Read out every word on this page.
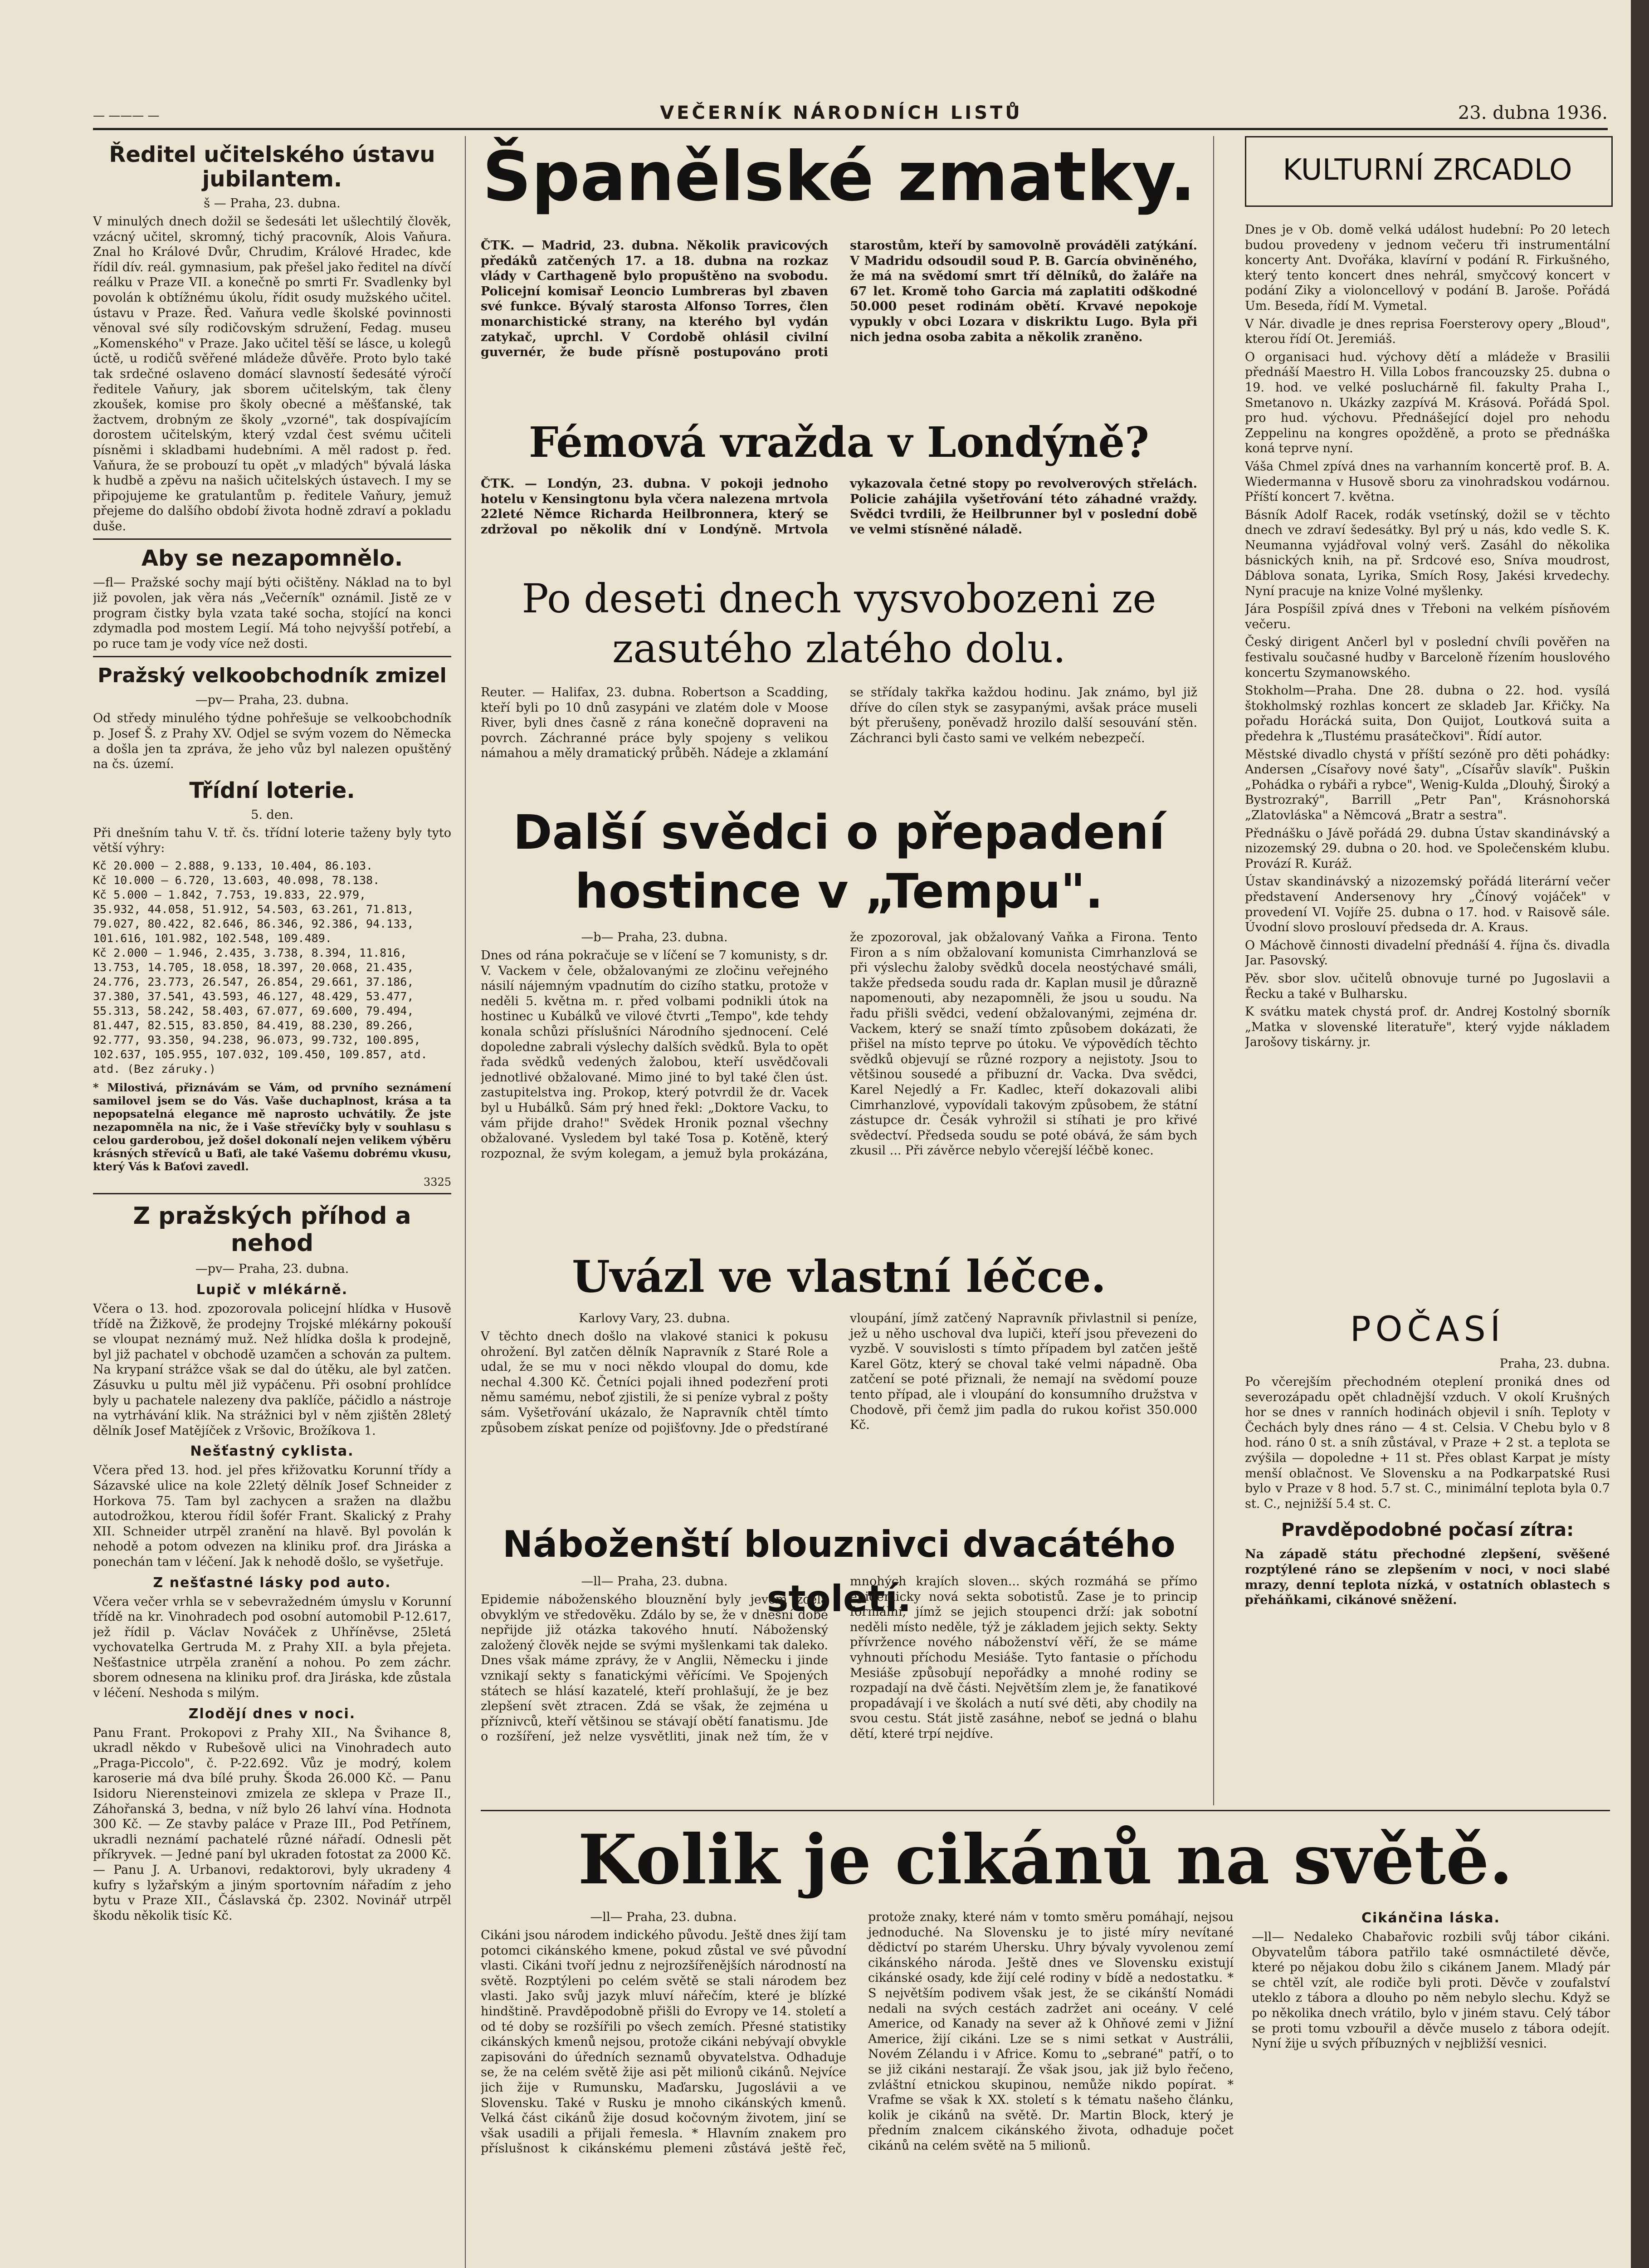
— ——— —	VEČERNÍK NÁRODNÍCH LISTŮ	23. dubna 1936.
Ředitel učitelského ústavu jubilantem.
š — Praha, 23. dubna.

V minulých dnech dožil se šedesáti let ušlechtilý člověk, vzácný učitel, skromný, tichý pracovník, Alois Vaňura. Znal ho Králové Dvůr, Chrudim, Králové Hradec, kde řídil dív. reál. gymnasium, pak přešel jako ředitel na dívčí reálku v Praze VII. a konečně po smrti Fr. Svadlenky byl povolán k obtížnému úkolu, řídit osudy mužského učitel. ústavu v Praze. Řed. Vaňura vedle školské povinnosti věnoval své síly rodičovským sdružení, Fedag. museu „Komenského" v Praze. Jako učitel těší se lásce, u kolegů úctě, u rodičů svěřené mládeže důvěře. Proto bylo také tak srdečné oslaveno domácí slavností šedesáté výročí ředitele Vaňury, jak sborem učitelským, tak členy zkoušek, komise pro školy obecné a měšťanské, tak žactvem, drobným ze školy „vzorné", tak dospívajícím dorostem učitelským, který vzdal čest svému učiteli písněmi i skladbami hudebními. A měl radost p. řed. Vaňura, že se probouzí tu opět „v mladých" bývalá láska k hudbě a zpěvu na našich učitelských ústavech. I my se připojujeme ke gratulantům p. ředitele Vaňury, jemuž přejeme do dalšího období života hodně zdraví a pokladu duše.

Aby se nezapomnělo.

—fl— Pražské sochy mají býti očištěny. Náklad na to byl již povolen, jak věra nás „Večerník" oznámil. Jistě ze v program čistky byla vzata také socha, stojící na konci zdymadla pod mostem Legií. Má toho nejvyšší potřebí, a po ruce tam je vody více než dosti.

Pražský velkoobchodník zmizel
—pv— Praha, 23. dubna.

Od středy minulého týdne pohřešuje se velkoobchodník p. Josef Š. z Prahy XV. Odjel se svým vozem do Německa a došla jen ta zpráva, že jeho vůz byl nalezen opuštěný na čs. území.

Třídní loterie.
5. den.

Při dnešním tahu V. tř. čs. třídní loterie taženy byly tyto větší výhry:

Kč 20.000 — 2.888, 9.133, 10.404, 86.103.
Kč 10.000 — 6.720, 13.603, 40.098, 78.138.
Kč 5.000 — 1.842, 7.753, 19.833, 22.979,
35.932, 44.058, 51.912, 54.503, 63.261, 71.813,
79.027, 80.422, 82.646, 86.346, 92.386, 94.133,
101.616, 101.982, 102.548, 109.489.
Kč 2.000 — 1.946, 2.435, 3.738, 8.394, 11.816,
13.753, 14.705, 18.058, 18.397, 20.068, 21.435,
24.776, 23.773, 26.547, 26.854, 29.661, 37.186,
37.380, 37.541, 43.593, 46.127, 48.429, 53.477,
55.313, 58.242, 58.403, 67.077, 69.600, 79.494,
81.447, 82.515, 83.850, 84.419, 88.230, 89.266,
92.777, 93.350, 94.238, 96.073, 99.732, 100.895,
102.637, 105.955, 107.032, 109.450, 109.857, atd.
atd. (Bez záruky.)

* Milostivá, přiznávám se Vám, od prvního seznámení samilovel jsem se do Vás. Vaše duchaplnost, krása a ta nepopsatelná elegance mě naprosto uchvátily. Že jste nezapomněla na nic, že i Vaše střevíčky byly v souhlasu s celou garderobou, jež došel dokonalí nejen velikem výběru krásných střevíců u Baťi, ale také Vašemu dobrému vkusu, který Vás k Baťovi zavedl.

3325
Z pražských příhod a nehod
—pv— Praha, 23. dubna.
Lupič v mlékárně.

Včera o 13. hod. zpozorovala policejní hlídka v Husově třídě na Žižkově, že prodejny Trojské mlékárny pokouší se vloupat neznámý muž. Než hlídka došla k prodejně, byl již pachatel v obchodě uzamčen a schován za pultem. Na krypaní strážce však se dal do útěku, ale byl zatčen. Zásuvku u pultu měl již vypáčenu. Při osobní prohlídce byly u pachatele nalezeny dva paklíče, páčidlo a nástroje na vytrhávání klik. Na strážnici byl v něm zjištěn 28letý dělník Josef Matějíček z Vršovic, Brožíkova 1.

Nešťastný cyklista.

Včera před 13. hod. jel přes křižovatku Korunní třídy a Sázavské ulice na kole 22letý dělník Josef Schneider z Horkova 75. Tam byl zachycen a sražen na dlažbu autodrožkou, kterou řídil šofér Frant. Skalický z Prahy XII. Schneider utrpěl zranění na hlavě. Byl povolán k nehodě a potom odvezen na kliniku prof. dra Jiráska a ponechán tam v léčení. Jak k nehodě došlo, se vyšetřuje.

Z nešťastné lásky pod auto.

Včera večer vrhla se v sebevražedném úmyslu v Korunní třídě na kr. Vinohradech pod osobní automobil P-12.617, jež řídil p. Václav Nováček z Uhříněvse, 25letá vychovatelka Gertruda M. z Prahy XII. a byla přejeta. Nešťastnice utrpěla zranění a nohou. Po zem záchr. sborem odnesena na kliniku prof. dra Jiráska, kde zůstala v léčení. Neshoda s milým.

Zlodějí dnes v noci.

Panu Frant. Prokopovi z Prahy XII., Na Švihance 8, ukradl někdo v Rubešově ulici na Vinohradech auto „Praga-Piccolo", č. P-22.692. Vůz je modrý, kolem karoserie má dva bílé pruhy. Škoda 26.000 Kč. — Panu Isidoru Nierensteinovi zmizela ze sklepa v Praze II., Záhořanská 3, bedna, v níž bylo 26 lahví vína. Hodnota 300 Kč. — Ze stavby paláce v Praze III., Pod Petřínem, ukradli neznámí pachatelé různé nářadí. Odnesli pět příkryvek. — Jedné paní byl ukraden fotostat za 2000 Kč. — Panu J. A. Urbanovi, redaktorovi, byly ukradeny 4 kufry s lyžařským a jiným sportovním nářadím z jeho bytu v Praze XII., Čáslavská čp. 2302. Novinář utrpěl škodu několik tisíc Kč.

Španělské zmatky.

ČTK. — Madrid, 23. dubna. Několik pravicových předáků zatčených 17. a 18. dubna na rozkaz vlády v Carthageně bylo propuštěno na svobodu. Policejní komisař Leoncio Lumbreras byl zbaven své funkce. Bývalý starosta Alfonso Torres, člen monarchistické strany, na kterého byl vydán zatykač, uprchl. V Cordobě ohlásil civilní guvernér, že bude přísně postupováno proti starostům, kteří by samovolně prováděli zatýkání. V Madridu odsoudil soud P. B. García obviněného, že má na svědomí smrt tří dělníků, do žaláře na 67 let. Kromě toho Garcia má zaplatiti odškodné 50.000 peset rodinám obětí. Krvavé nepokoje vypukly v obci Lozara v diskriktu Lugo. Byla při nich jedna osoba zabita a několik zraněno.

Fémová vražda v Londýně?

ČTK. — Londýn, 23. dubna. V pokoji jednoho hotelu v Kensingtonu byla včera nalezena mrtvola 22leté Němce Richarda Heilbronnera, který se zdržoval po několik dní v Londýně. Mrtvola vykazovala četné stopy po revolverových střelách. Policie zahájila vyšetřování této záhadné vraždy. Svědci tvrdili, že Heilbrunner byl v poslední době ve velmi stísněné náladě.

Po deseti dnech vysvobozeni ze zasutého zlatého dolu.

Reuter. — Halifax, 23. dubna. Robertson a Scadding, kteří byli po 10 dnů zasypáni ve zlatém dole v Moose River, byli dnes časně z rána konečně dopraveni na povrch. Záchranné práce byly spojeny s velikou námahou a měly dramatický průběh. Nádeje a zklamání se střídaly takřka každou hodinu. Jak známo, byl již dříve do cílen styk se zasypanými, avšak práce museli být přerušeny, poněvadž hrozilo další sesouvání stěn. Záchranci byli často sami ve velkém nebezpečí.

Další svědci o přepadení hostince v „Tempu".
—b— Praha, 23. dubna.

Dnes od rána pokračuje se v líčení se 7 komunisty, s dr. V. Vackem v čele, obžalovanými ze zločinu veřejného násilí nájemným vpadnutím do cizího statku, protože v neděli 5. května m. r. před volbami podnikli útok na hostinec u Kubálků ve vilové čtvrti „Tempo", kde tehdy konala schůzi příslušníci Národního sjednocení. Celé dopoledne zabrali výslechy dalších svědků. Byla to opět řada svědků vedených žalobou, kteří usvědčovali jednotlivé obžalované. Mimo jiné to byl také člen úst. zastupitelstva ing. Prokop, který potvrdil že dr. Vacek byl u Hubálků. Sám prý hned řekl: „Doktore Vacku, to vám přijde draho!" Svědek Hronik poznal všechny obžalované. Vysledem byl také Tosa p. Kotěně, který rozpoznal, že svým kolegam, a jemuž byla prokázána, že zpozoroval, jak obžalovaný Vaňka a Firona. Tento Firon a s ním obžalovaní komunista Cimrhanzlová se při výslechu žaloby svědků docela neostýchavé smáli, takže předseda soudu rada dr. Kaplan musil je důrazně napomenouti, aby nezapomněli, že jsou u soudu. Na řadu přišli svědci, vedení obžalovanými, zejména dr. Vackem, který se snaží tímto způsobem dokázati, že přišel na místo teprve po útoku. Ve výpovědích těchto svědků objevují se různé rozpory a nejistoty. Jsou to většinou sousedé a přibuzní dr. Vacka. Dva svědci, Karel Nejedlý a Fr. Kadlec, kteří dokazovali alibi Cimrhanzlové, vypovídali takovým způsobem, že státní zástupce dr. Česák vyhrožil si stíhati je pro křivé svědectví. Předseda soudu se poté obává, že sám bych zkusil ... Při závěrce nebylo včerejší léčbě konec.

Uvázl ve vlastní léčce.
Karlovy Vary, 23. dubna.

V těchto dnech došlo na vlakové stanici k pokusu ohrožení. Byl zatčen dělník Napravník z Staré Role a udal, že se mu v noci někdo vloupal do domu, kde nechal 4.300 Kč. Četníci pojali ihned podezření proti němu samému, neboť zjistili, že si peníze vybral z pošty sám. Vyšetřování ukázalo, že Napravník chtěl tímto způsobem získat peníze od pojišťovny. Jde o předstírané vloupání, jímž zatčený Napravník přivlastnil si peníze, jež u něho uschoval dva lupiči, kteří jsou převezeni do vyzbě. V souvislosti s tímto případem byl zatčen ještě Karel Götz, který se choval také velmi nápadně. Oba zatčení se poté přiznali, že nemají na svědomí pouze tento případ, ale i vloupání do konsumního družstva v Chodově, při čemž jim padla do rukou kořist 350.000 Kč.

Náboženští blouznivci dvacátého století.
—ll— Praha, 23. dubna.

Epidemie náboženského blouznění byly jevem zcela obvyklým ve středověku. Zdálo by se, že v dnešní době nepřijde již otázka takového hnutí. Náboženský založený člověk nejde se svými myšlenkami tak daleko. Dnes však máme zprávy, že v Anglii, Německu i jinde vznikají sekty s fanatickými věřícími. Ve Spojených státech se hlásí kazatelé, kteří prohlašují, že je bez zlepšení svět ztracen. Zdá se však, že zejména u příznivců, kteří většinou se stávají obětí fanatismu. Jde o rozšíření, jež nelze vysvětliti, jinak než tím, že v mnohých krajích sloven... ských rozmáhá se přímo epidemicky nová sekta sobotistů. Zase je to princip formální, jímž se jejich stoupenci drží: jak sobotní neděli místo neděle, týž je základem jejich sekty. Sekty přívržence nového náboženství věří, že se máme vyhnouti příchodu Mesiáše. Tyto fantasie o příchodu Mesiáše způsobují nepořádky a mnohé rodiny se rozpadají na dvě části. Největším zlem je, že fanatikové propadávají i ve školách a nutí své děti, aby chodily na svou cestu. Stát jistě zasáhne, neboť se jedná o blahu dětí, které trpí nejdíve.

Kolik je cikánů na světě.
—ll— Praha, 23. dubna.

Cikáni jsou národem indického původu. Ještě dnes žijí tam potomci cikánského kmene, pokud zůstal ve své původní vlasti. Cikáni tvoří jednu z nejrozšířenějších národností na světě. Rozptýleni po celém světě se stali národem bez vlasti. Jako svůj jazyk mluví nářečím, které je blízké hindštině. Pravděpodobně přišli do Evropy ve 14. století a od té doby se rozšířili po všech zemích. Přesné statistiky cikánských kmenů nejsou, protože cikáni nebývají obvykle zapisováni do úředních seznamů obyvatelstva. Odhaduje se, že na celém světě žije asi pět milionů cikánů. Nejvíce jich žije v Rumunsku, Maďarsku, Jugoslávii a ve Slovensku. Také v Rusku je mnoho cikánských kmenů. Velká část cikánů žije dosud kočovným životem, jiní se však usadili a přijali řemesla. * Hlavním znakem pro příslušnost k cikánskému plemeni zůstává ještě řeč, protože znaky, které nám v tomto směru pomáhají, nejsou jednoduché. Na Slovensku je to jisté míry nevítané dědictví po starém Uhersku. Uhry bývaly vyvolenou zemí cikánského národa. Ještě dnes ve Slovensku existují cikánské osady, kde žijí celé rodiny v bídě a nedostatku. * S největším podivem však jest, že se cikánští Nomádi nedali na svých cestách zadržet ani oceány. V celé Americe, od Kanady na sever až k Ohňové zemi v Jižní Americe, žijí cikáni. Lze se s nimi setkat v Austrálii, Novém Zélandu i v Africe. Komu to „sebrané" patří, o to se již cikáni nestarají. Že však jsou, jak již bylo řečeno, zvláštní etnickou skupinou, nemůže nikdo popírat. * Vrafme se však k XX. století s k tématu našeho článku, kolik je cikánů na světě. Dr. Martin Block, který je předním znalcem cikánského života, odhaduje počet cikánů na celém světě na 5 milionů.

Cikánčina láska.

—ll— Nedaleko Chabařovic rozbili svůj tábor cikáni. Obyvatelům tábora patřilo také osmnáctileté děvče, které po nějakou dobu žilo s cikánem Janem. Mladý pár se chtěl vzít, ale rodiče byli proti. Děvče v zoufalství uteklo z tábora a dlouho po něm nebylo slechu. Když se po několika dnech vrátilo, bylo v jiném stavu. Celý tábor se proti tomu vzbouřil a děvče muselo z tábora odejít. Nyní žije u svých příbuzných v nejbližší vesnici.

KULTURNÍ ZRCADLO

Dnes je v Ob. domě velká událost hudební: Po 20 letech budou provedeny v jednom večeru tři instrumentální koncerty Ant. Dvořáka, klavírní v podání R. Firkušného, který tento koncert dnes nehrál, smyčcový koncert v podání Ziky a violoncellový v podání B. Jaroše. Pořádá Um. Beseda, řídí M. Vymetal.

V Nár. divadle je dnes reprisa Foersterovy opery „Bloud", kterou řídí Ot. Jeremiáš.

O organisaci hud. výchovy dětí a mládeže v Brasilii přednáší Maestro H. Villa Lobos francouzsky 25. dubna o 19. hod. ve velké posluchárně fil. fakulty Praha I., Smetanovo n. Ukázky zazpívá M. Krásová. Pořádá Spol. pro hud. výchovu. Přednášející dojel pro nehodu Zeppelinu na kongres opožděně, a proto se přednáška koná teprve nyní.

Váša Chmel zpívá dnes na varhanním koncertě prof. B. A. Wiedermanna v Husově sboru za vinohradskou vodárnou. Příští koncert 7. května.

Básník Adolf Racek, rodák vsetínský, dožil se v těchto dnech ve zdraví šedesátky. Byl prý u nás, kdo vedle S. K. Neumanna vyjádřoval volný verš. Zasáhl do několika básnických knih, na př. Srdcové eso, Sníva moudrost, Dáblova sonata, Lyrika, Smích Rosy, Jakési krvedechy. Nyní pracuje na knize Volné myšlenky.

Jára Pospíšil zpívá dnes v Třeboni na velkém písňovém večeru.

Český dirigent Ančerl byl v poslední chvíli pověřen na festivalu současné hudby v Barceloně řízením houslového koncertu Szymanowského.

Stokholm—Praha. Dne 28. dubna o 22. hod. vysílá štokholmský rozhlas koncert ze skladeb Jar. Křičky. Na pořadu Horácká suita, Don Quijot, Loutková suita a předehra k „Tlustému prasátečkovi". Řídí autor.

Městské divadlo chystá v příští sezóně pro děti pohádky: Andersen „Císařovy nové šaty", „Císařův slavík". Puškin „Pohádka o rybáři a rybce", Wenig-Kulda „Dlouhý, Široký a Bystrozraký", Barrill „Petr Pan", Krásnohorská „Zlatovláska" a Němcová „Bratr a sestra".

Přednášku o Jávě pořádá 29. dubna Ústav skandinávský a nizozemský 29. dubna o 20. hod. ve Společenském klubu. Provází R. Kuráž.

Ústav skandinávský a nizozemský pořádá literární večer představení Andersenovy hry „Čínový vojáček" v provedení VI. Vojíře 25. dubna o 17. hod. v Raisově sále. Úvodní slovo proslouví předseda dr. A. Kraus.

O Máchově činnosti divadelní přednáší 4. října čs. divadla Jar. Pasovský.

Pěv. sbor slov. učitelů obnovuje turné po Jugoslavii a Řecku a také v Bulharsku.

K svátku matek chystá prof. dr. Andrej Kostolný sborník „Matka v slovenské literatuře", který vyjde nákladem Jarošovy tiskárny. jr.

POČASÍ
Praha, 23. dubna.

Po včerejším přechodném oteplení proniká dnes od severozápadu opět chladnější vzduch. V okolí Krušných hor se dnes v ranních hodinách objevil i sníh. Teploty v Čechách byly dnes ráno — 4 st. Celsia. V Chebu bylo v 8 hod. ráno 0 st. a sníh zůstával, v Praze + 2 st. a teplota se zvýšila — dopoledne + 11 st. Přes oblast Karpat je místy menší oblačnost. Ve Slovensku a na Podkarpatské Rusi bylo v Praze v 8 hod. 5.7 st. C., minimální teplota byla 0.7 st. C., nejnižší 5.4 st. C.

Pravděpodobné počasí zítra:

Na západě státu přechodné zlepšení, svěšené rozptýlené ráno se zlepšením v noci, v noci slabé mrazy, denní teplota nízká, v ostatních oblastech s přeháňkami, cikánové sněžení.
